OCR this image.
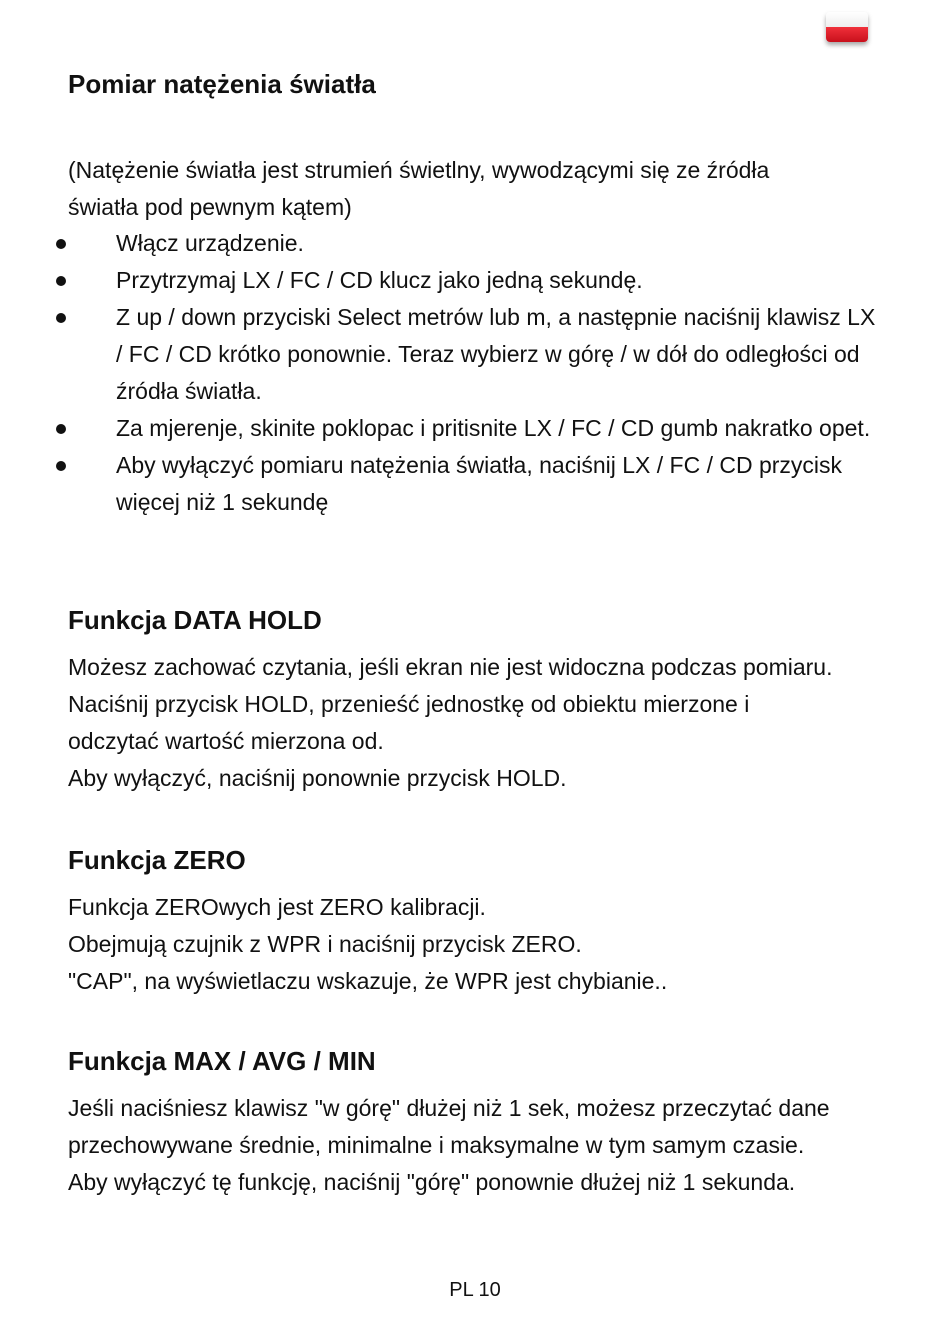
Pomiar natężenia światła

(Natężenie światła jest strumień świetlny, wywodzącymi się ze źródła

światła pod pewnym kątem)

Włącz urządzenie.
Przytrzymaj LX / FC / CD klucz jako jedną sekundę.
Z up / down przyciski Select metrów lub m, a następnie naciśnij klawisz LX / FC / CD krótko ponownie. Teraz wybierz w górę / w dół do odległości od źródła światła.
Za mjerenje, skinite poklopac i pritisnite LX / FC / CD gumb nakratko opet.
Aby wyłączyć pomiaru natężenia światła, naciśnij LX / FC / CD przycisk więcej niż 1 sekundę
Funkcja DATA HOLD

Możesz zachować czytania, jeśli ekran nie jest widoczna podczas pomiaru.

Naciśnij przycisk HOLD, przenieść jednostkę od obiektu mierzone i

odczytać wartość mierzona od.

Aby wyłączyć, naciśnij ponownie przycisk HOLD.

Funkcja ZERO

Funkcja ZEROwych jest ZERO kalibracji.

Obejmują czujnik z WPR i naciśnij przycisk ZERO.

"CAP", na wyświetlaczu wskazuje, że WPR jest chybianie..

Funkcja MAX / AVG / MIN

Jeśli naciśniesz klawisz "w górę" dłużej niż 1 sek, możesz przeczytać dane

przechowywane średnie, minimalne i maksymalne w tym samym czasie.

Aby wyłączyć tę funkcję, naciśnij "górę" ponownie dłużej niż 1 sekunda.

PL 10
